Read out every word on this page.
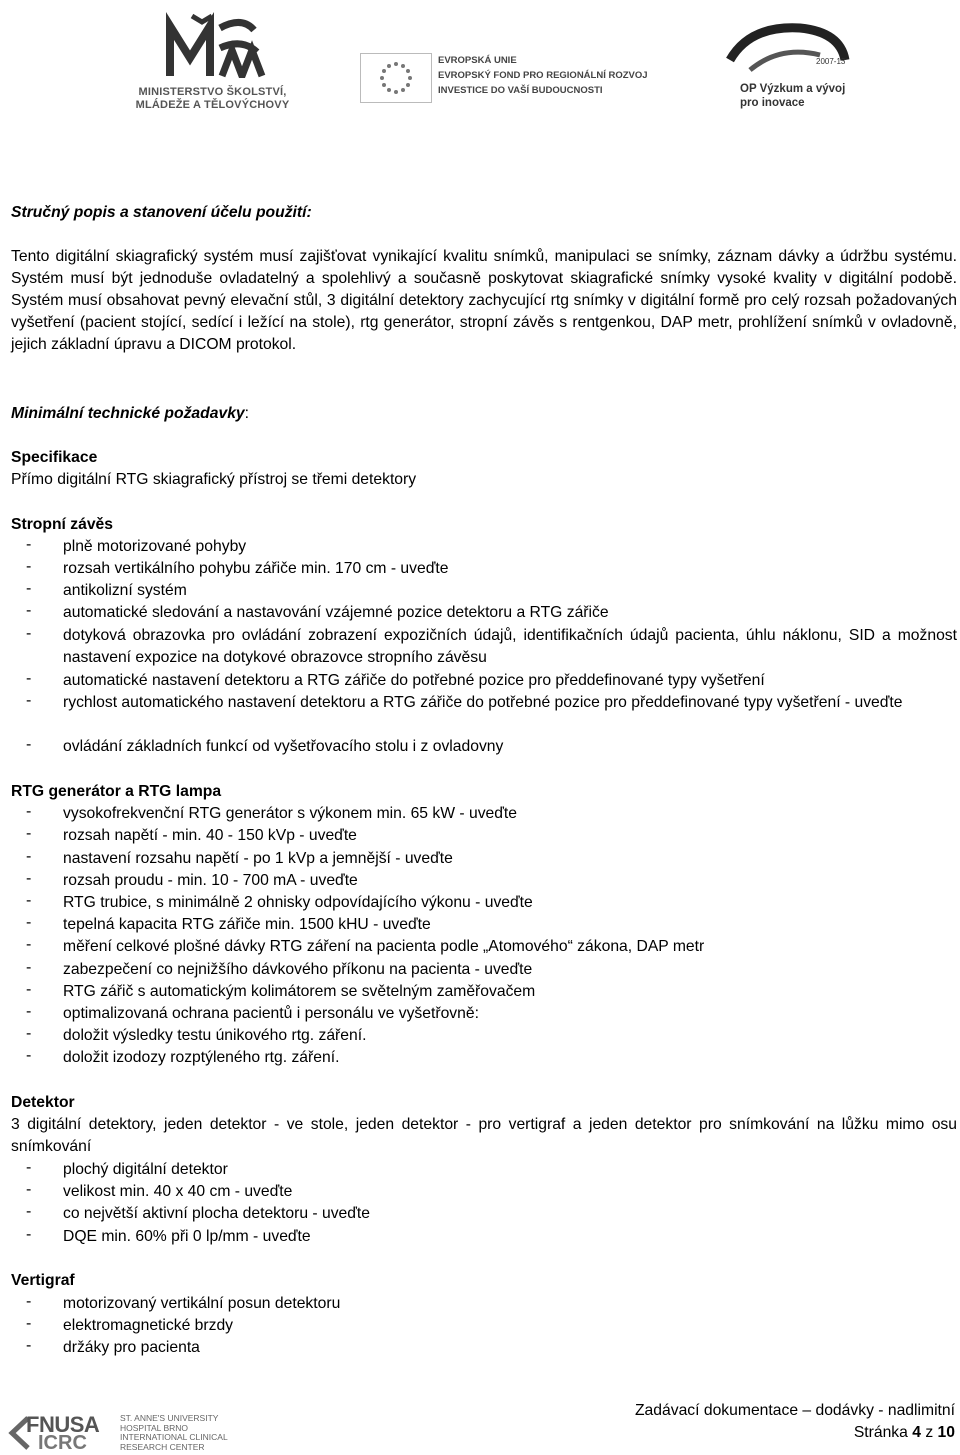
MINISTERSTVO ŠKOLSTVÍ,
MLÁDEŽE A TĚLOVÝCHOVY
EVROPSKÁ UNIE
EVROPSKÝ FOND PRO REGIONÁLNÍ ROZVOJ
INVESTICE DO VAŠÍ BUDOUCNOSTI
2007-13
OP Výzkum a vývoj
pro inovace
Stručný popis a stanovení účelu použití:
Tento digitální skiagrafický systém musí zajišťovat vynikající kvalitu snímků, manipulaci se snímky, záznam dávky a údržbu systému. Systém musí být jednoduše ovladatelný a spolehlivý a současně poskytovat skiagrafické snímky vysoké kvality v digitální podobě. Systém musí obsahovat pevný elevační stůl, 3 digitální detektory zachycující rtg snímky v digitální formě pro celý rozsah požadovaných vyšetření (pacient stojící, sedící i ležící na stole), rtg generátor, stropní závěs s rentgenkou, DAP metr, prohlížení snímků v ovladovně, jejich základní úpravu a DICOM protokol.
Minimální technické požadavky:
Specifikace
Přímo digitální RTG skiagrafický přístroj se třemi detektory
Stropní závěs
- plně motorizované pohyby
- rozsah vertikálního pohybu zářiče min. 170 cm - uveďte
- antikolizní systém
- automatické sledování a nastavování vzájemné pozice detektoru a RTG zářiče
- dotyková obrazovka pro ovládání zobrazení expozičních údajů, identifikačních údajů pacienta, úhlu náklonu, SID a možnost nastavení expozice na dotykové obrazovce stropního závěsu
- automatické nastavení detektoru a RTG zářiče do potřebné pozice pro předdefinované typy vyšetření
- rychlost automatického nastavení detektoru a RTG zářiče do potřebné pozice pro předdefinované typy vyšetření - uveďte
- ovládání základních funkcí od vyšetřovacího stolu i z ovladovny
RTG generátor a RTG lampa
- vysokofrekvenční RTG generátor s výkonem min. 65 kW - uveďte
- rozsah napětí - min. 40 - 150 kVp - uveďte
- nastavení rozsahu napětí - po 1 kVp a jemnější - uveďte
- rozsah proudu - min. 10 - 700 mA - uveďte
- RTG trubice, s minimálně 2 ohnisky odpovídajícího výkonu - uveďte
- tepelná kapacita RTG zářiče min. 1500 kHU - uveďte
- měření celkové plošné dávky RTG záření na pacienta podle „Atomového“ zákona, DAP metr
- zabezpečení co nejnižšího dávkového příkonu na pacienta - uveďte
- RTG zářič s automatickým kolimátorem se světelným zaměřovačem
- optimalizovaná ochrana pacientů i personálu ve vyšetřovně:
- doložit výsledky testu únikového rtg. záření.
- doložit izodozy rozptýleného rtg. záření.
Detektor
3 digitální detektory, jeden detektor - ve stole, jeden detektor - pro vertigraf a jeden detektor pro snímkování na lůžku mimo osu snímkování
- plochý digitální detektor
- velikost min. 40 x 40 cm - uveďte
- co největší aktivní plocha detektoru - uveďte
- DQE min. 60% při 0 lp/mm - uveďte
Vertigraf
- motorizovaný vertikální posun detektoru
- elektromagnetické brzdy
- držáky pro pacienta
FNUSA
ICRC
ST. ANNE'S UNIVERSITY
HOSPITAL BRNO
INTERNATIONAL CLINICAL
RESEARCH CENTER
Zadávací dokumentace – dodávky - nadlimitní
Stránka 4 z 10
